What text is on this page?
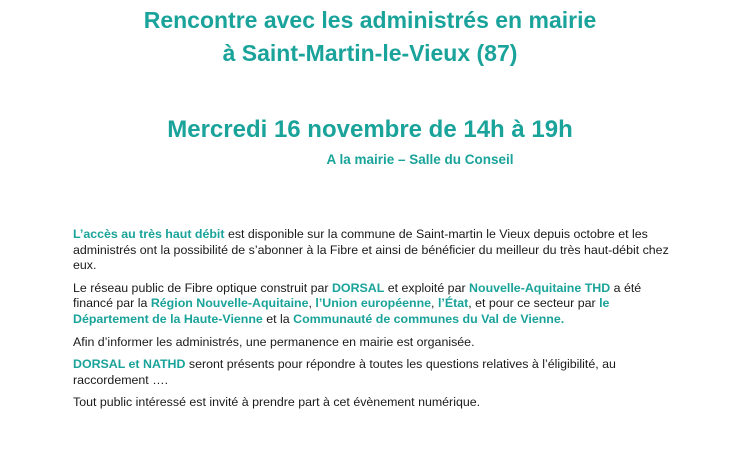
Rencontre avec les administrés en mairie
à Saint-Martin-le-Vieux (87)
Mercredi 16 novembre de 14h à 19h

A la mairie – Salle du Conseil

L’accès au très haut débit est disponible sur la commune de Saint-martin le Vieux depuis octobre et les administrés ont la possibilité de s’abonner à la Fibre et ainsi de bénéficier du meilleur du très haut-débit chez eux.

Le réseau public de Fibre optique construit par DORSAL et exploité par Nouvelle-Aquitaine THD a été financé par la Région Nouvelle-Aquitaine, l’Union européenne, l’État, et pour ce secteur par le Département de la Haute-Vienne et la Communauté de communes du Val de Vienne.

Afin d’informer les administrés, une permanence en mairie est organisée.

DORSAL et NATHD seront présents pour répondre à toutes les questions relatives à l’éligibilité, au raccordement ….

Tout public intéressé est invité à prendre part à cet évènement numérique.
